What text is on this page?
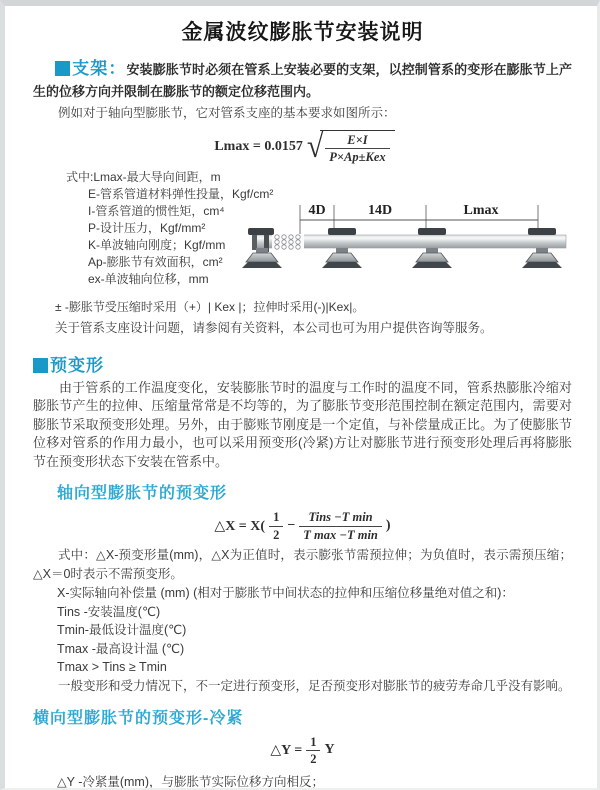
金属波纹膨胀节安装说明

支架：安装膨胀节时必须在管系上安装必要的支架，以控制管系的变形在膨胀节上产生的位移方向并限制在膨胀节的额定位移范围内。

例如对于轴向型膨胀节，它对管系支座的基本要求如图所示：

Lmax = 0.0157 √ $\frac{E\times I}{\text{P×Ap±Kex}}$
式中:Lmax-最大导向间距，m
E-管系管道材料弹性投量，Kgf/cm²
I-管系管道的惯性矩，cm⁴
P-设计压力，Kgf/mm²
K-单波轴向刚度；Kgf/mm
Ap-膨胀节有效面积，cm²
ex-单波轴向位移，mm
4D	14D	Lmax

± -膨胀节受压缩时采用（+）| Kex |；拉伸时采用(-)|Kex|。

关于管系支座设计问题，请参阅有关资料，本公司也可为用户提供咨询等服务。

预变形

由于管系的工作温度变化，安装膨胀节时的温度与工作时的温度不同，管系热膨胀冷缩对膨胀节产生的拉伸、压缩量常常是不均等的，为了膨胀节变形范围控制在额定范围内，需要对膨胀节采取预变形处理。另外，由于膨账节刚度是一个定值，与补偿量成正比。为了使膨胀节位移对管系的作用力最小，也可以采用预变形(冷紧)方让对膨胀节进行预变形处理后再将膨胀节在预变形状态下安装在管系中。

轴向型膨胀节的预变形
△X = $X( \frac{1}{2} - \frac{\text{Tins −T min}}{\text{T max −T min}}$ )

式中：△X-预变形量(mm)，△X为正值时，表示膨张节需预拉伸；为负值时，表示需预压缩；△X＝0时表示不需预变形。

X-实际轴向补偿量 (mm) (相对于膨胀节中间状态的拉伸和压缩位移量绝对值之和)：
Tins -安装温度(℃)
Tmin-最低设计温度(℃)
Tmax -最高设计温 (℃)
Tmax > Tins ≥ Tmin

一般变形和受力情况下，不一定进行预变形，足否预变形对膨胀节的疲劳寿命几乎没有影响。

横向型膨胀节的预变形-冷紧
△Y = $\frac{1}{2}$ Y

△Y -冷紧量(mm)，与膨胀节实际位移方向相反；
